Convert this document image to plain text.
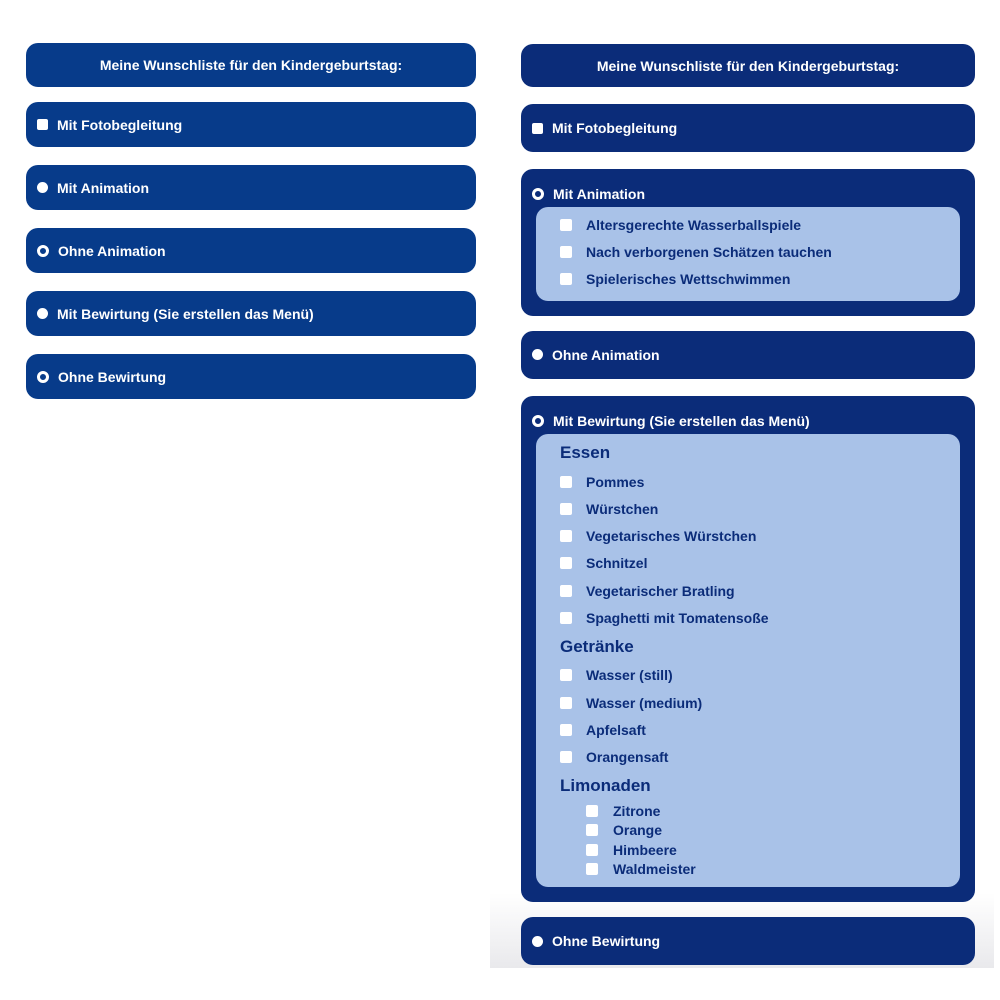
Meine Wunschliste für den Kindergeburtstag:
Mit Fotobegleitung
Mit Animation
Ohne Animation
Mit Bewirtung (Sie erstellen das Menü)
Ohne Bewirtung
Meine Wunschliste für den Kindergeburtstag:
Mit Fotobegleitung
Mit Animation
Altersgerechte Wasserballspiele
Nach verborgenen Schätzen tauchen
Spielerisches Wettschwimmen
Ohne Animation
Mit Bewirtung (Sie erstellen das Menü)
Essen
Pommes
Würstchen
Vegetarisches Würstchen
Schnitzel
Vegetarischer Bratling
Spaghetti mit Tomatensoße
Getränke
Wasser (still)
Wasser (medium)
Apfelsaft
Orangensaft
Limonaden
Zitrone
Orange
Himbeere
Waldmeister
Ohne Bewirtung
